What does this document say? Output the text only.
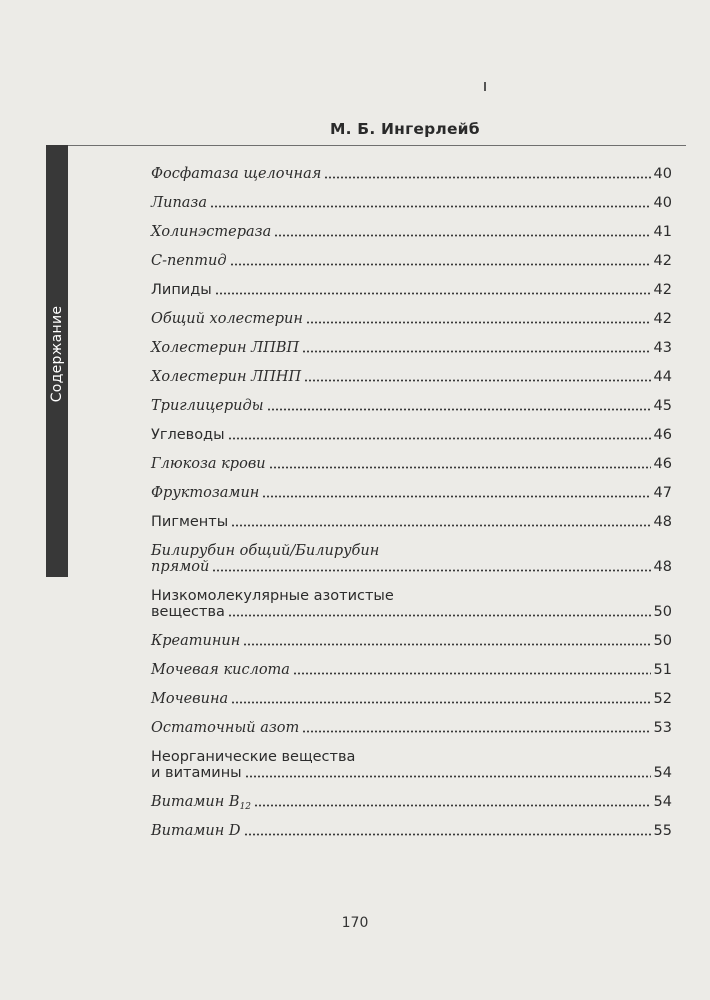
М. Б. Ингерлейб
Содержание
Фосфатаза щелочная	40
Липаза	40
Холинэстераза	41
С-пептид	42
Липиды	42
Общий холестерин	42
Холестерин ЛПВП	43
Холестерин ЛПНП	44
Триглицериды	45
Углеводы	46
Глюкоза крови	46
Фруктозамин	47
Пигменты	48
Билирубин общий/Билирубин
прямой	48
Низкомолекулярные азотистые
вещества	50
Креатинин	50
Мочевая кислота	51
Мочевина	52
Остаточный азот	53
Неорганические вещества
и витамины	54
Витамин $B_{12}$	54
Витамин D	55
170
